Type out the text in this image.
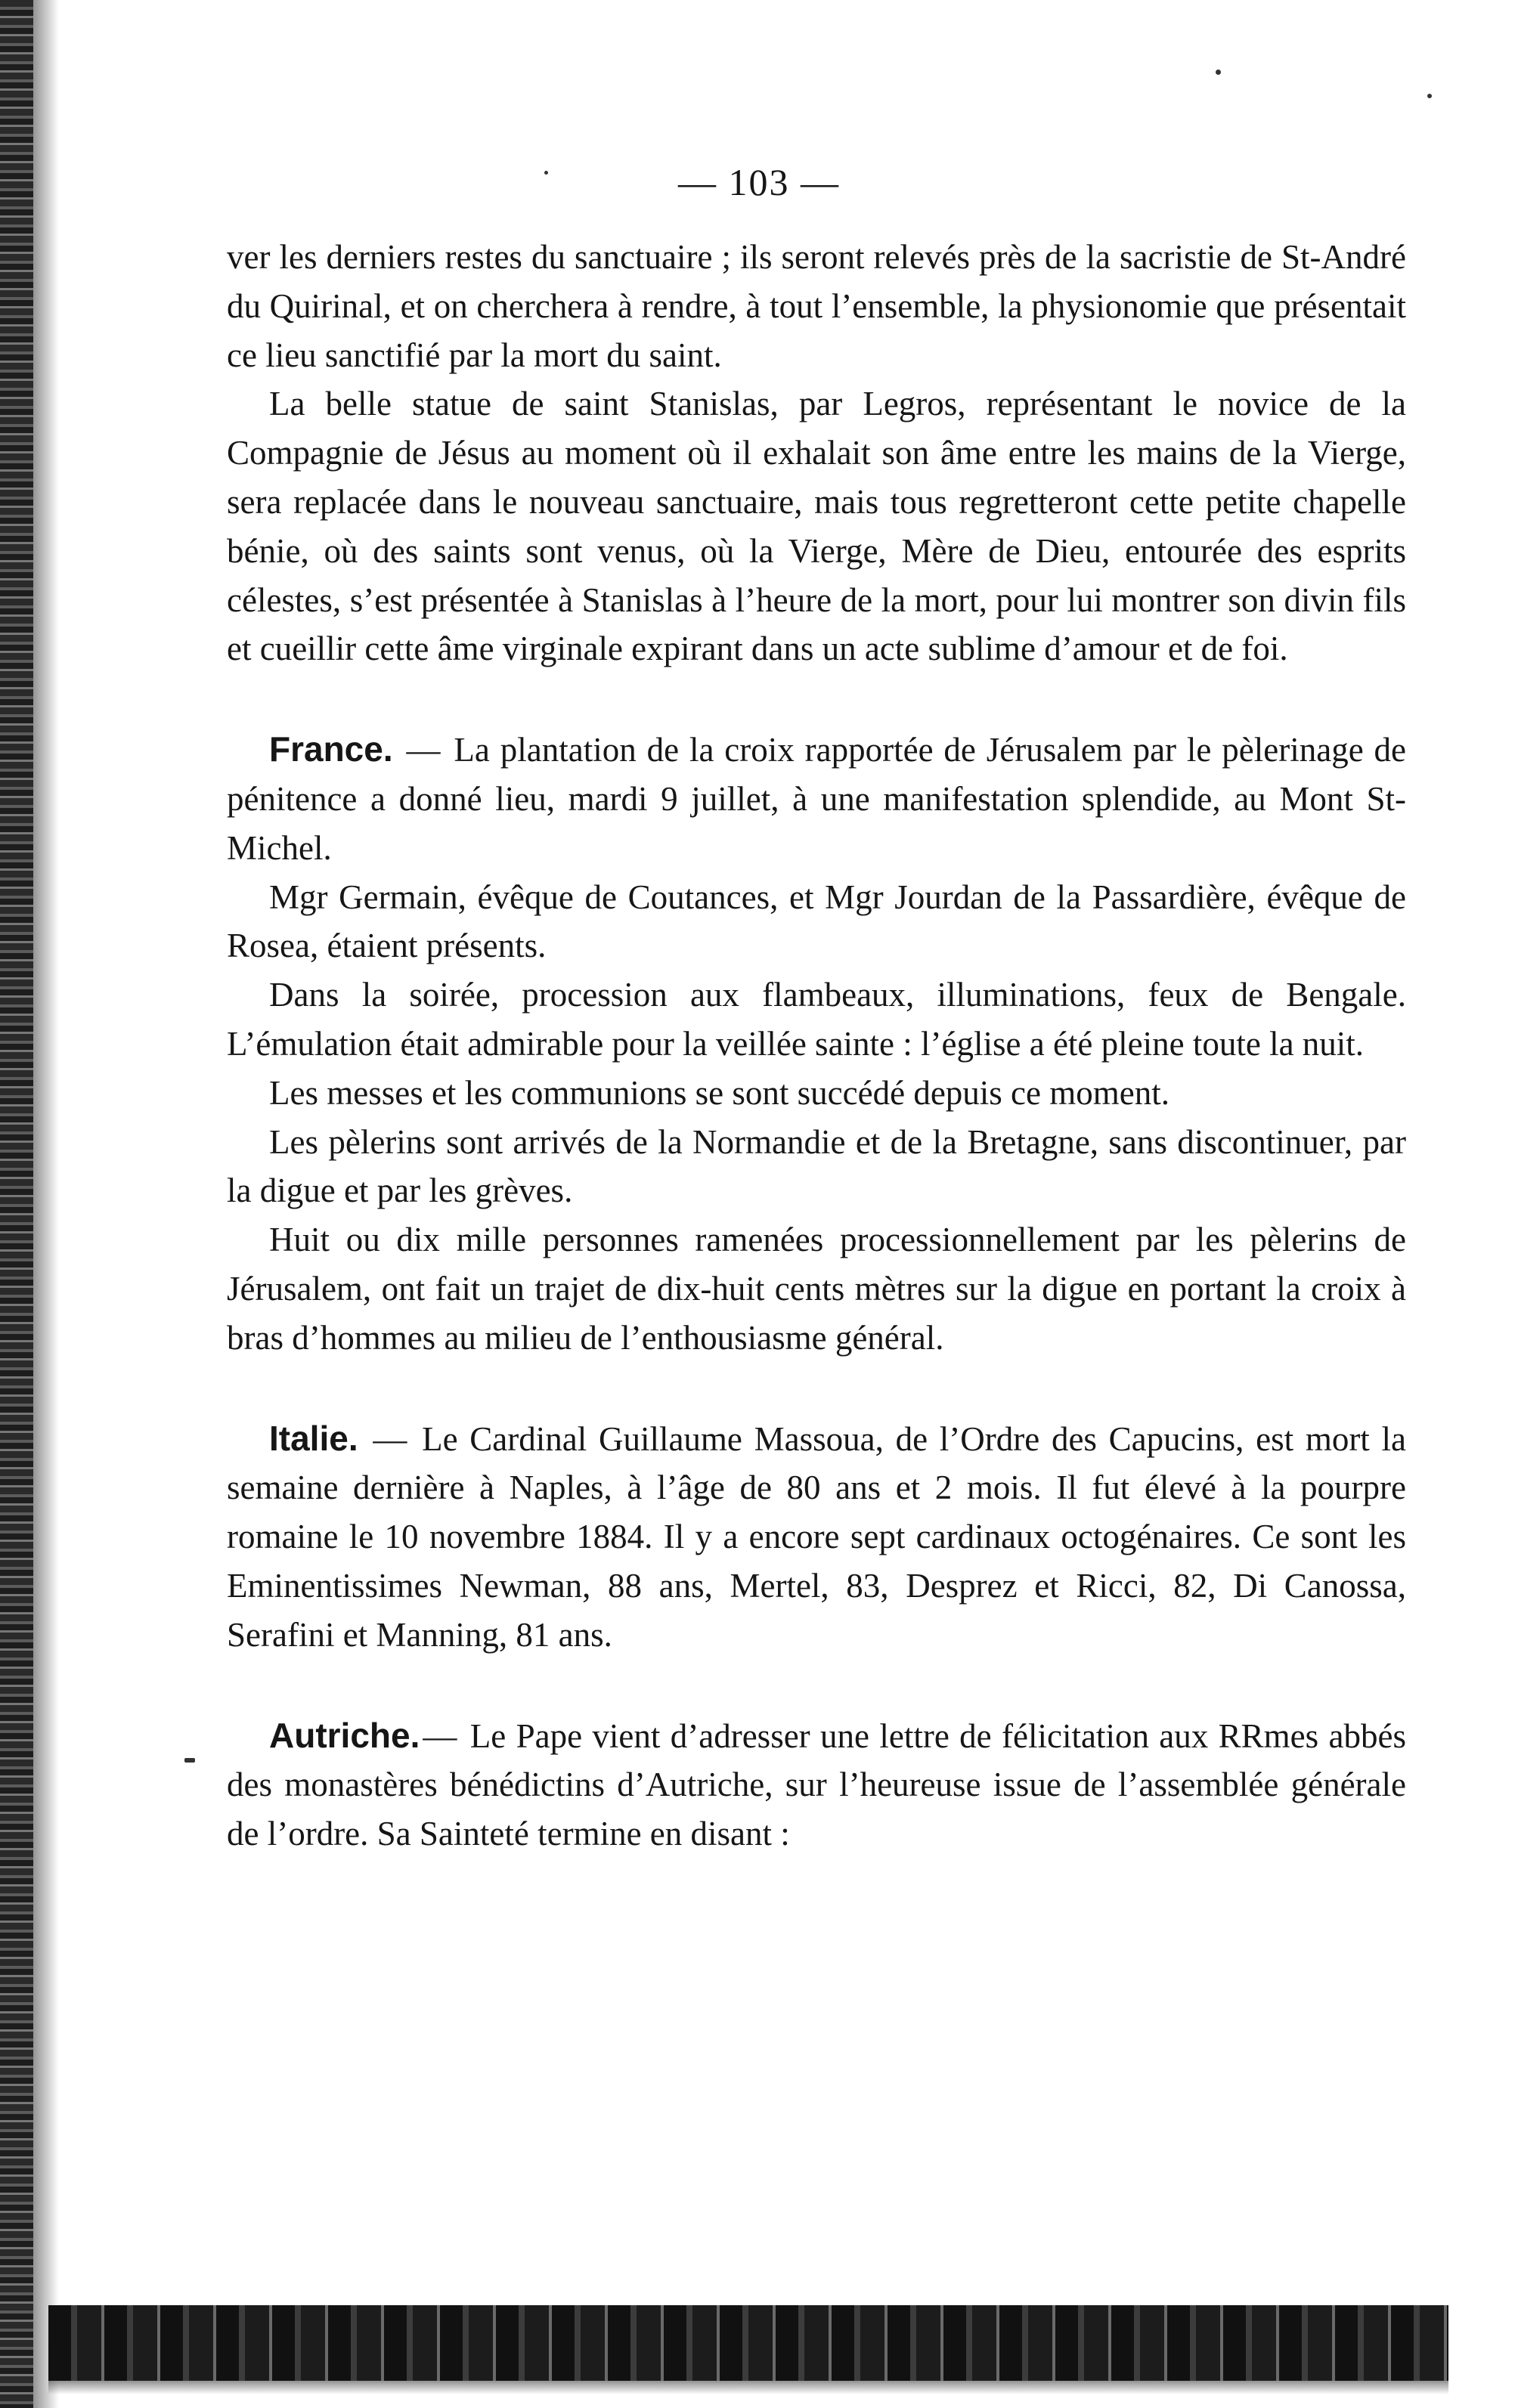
— 103 —

ver les derniers restes du sanctuaire ; ils seront relevés près de la sacristie de St-André du Quirinal, et on cherchera à rendre, à tout l’ensemble, la physionomie que présentait ce lieu sanctifié par la mort du saint.

La belle statue de saint Stanislas, par Legros, représentant le novice de la Compagnie de Jésus au moment où il exhalait son âme entre les mains de la Vierge, sera replacée dans le nouveau sanctuaire, mais tous regretteront cette petite chapelle bénie, où des saints sont venus, où la Vierge, Mère de Dieu, entourée des esprits célestes, s’est présentée à Stanislas à l’heure de la mort, pour lui montrer son divin fils et cueillir cette âme virginale expirant dans un acte sublime d’amour et de foi.

France. — La plantation de la croix rapportée de Jérusalem par le pèlerinage de pénitence a donné lieu, mardi 9 juillet, à une manifestation splendide, au Mont St-Michel.

Mgr Germain, évêque de Coutances, et Mgr Jourdan de la Passardière, évêque de Rosea, étaient présents.

Dans la soirée, procession aux flambeaux, illuminations, feux de Bengale. L’émulation était admirable pour la veillée sainte : l’église a été pleine toute la nuit.

Les messes et les communions se sont succédé depuis ce moment.

Les pèlerins sont arrivés de la Normandie et de la Bretagne, sans discontinuer, par la digue et par les grèves.

Huit ou dix mille personnes ramenées processionnellement par les pèlerins de Jérusalem, ont fait un trajet de dix-huit cents mètres sur la digue en portant la croix à bras d’hommes au milieu de l’enthousiasme général.

Italie. — Le Cardinal Guillaume Massoua, de l’Ordre des Capucins, est mort la semaine dernière à Naples, à l’âge de 80 ans et 2 mois. Il fut élevé à la pourpre romaine le 10 novembre 1884. Il y a encore sept cardinaux octogénaires. Ce sont les Eminentissimes Newman, 88 ans, Mertel, 83, Desprez et Ricci, 82, Di Canossa, Serafini et Manning, 81 ans.

Autriche.— Le Pape vient d’adresser une lettre de félicitation aux RRmes abbés des monastères bénédictins d’Autriche, sur l’heureuse issue de l’assemblée générale de l’ordre. Sa Sainteté termine en disant :
